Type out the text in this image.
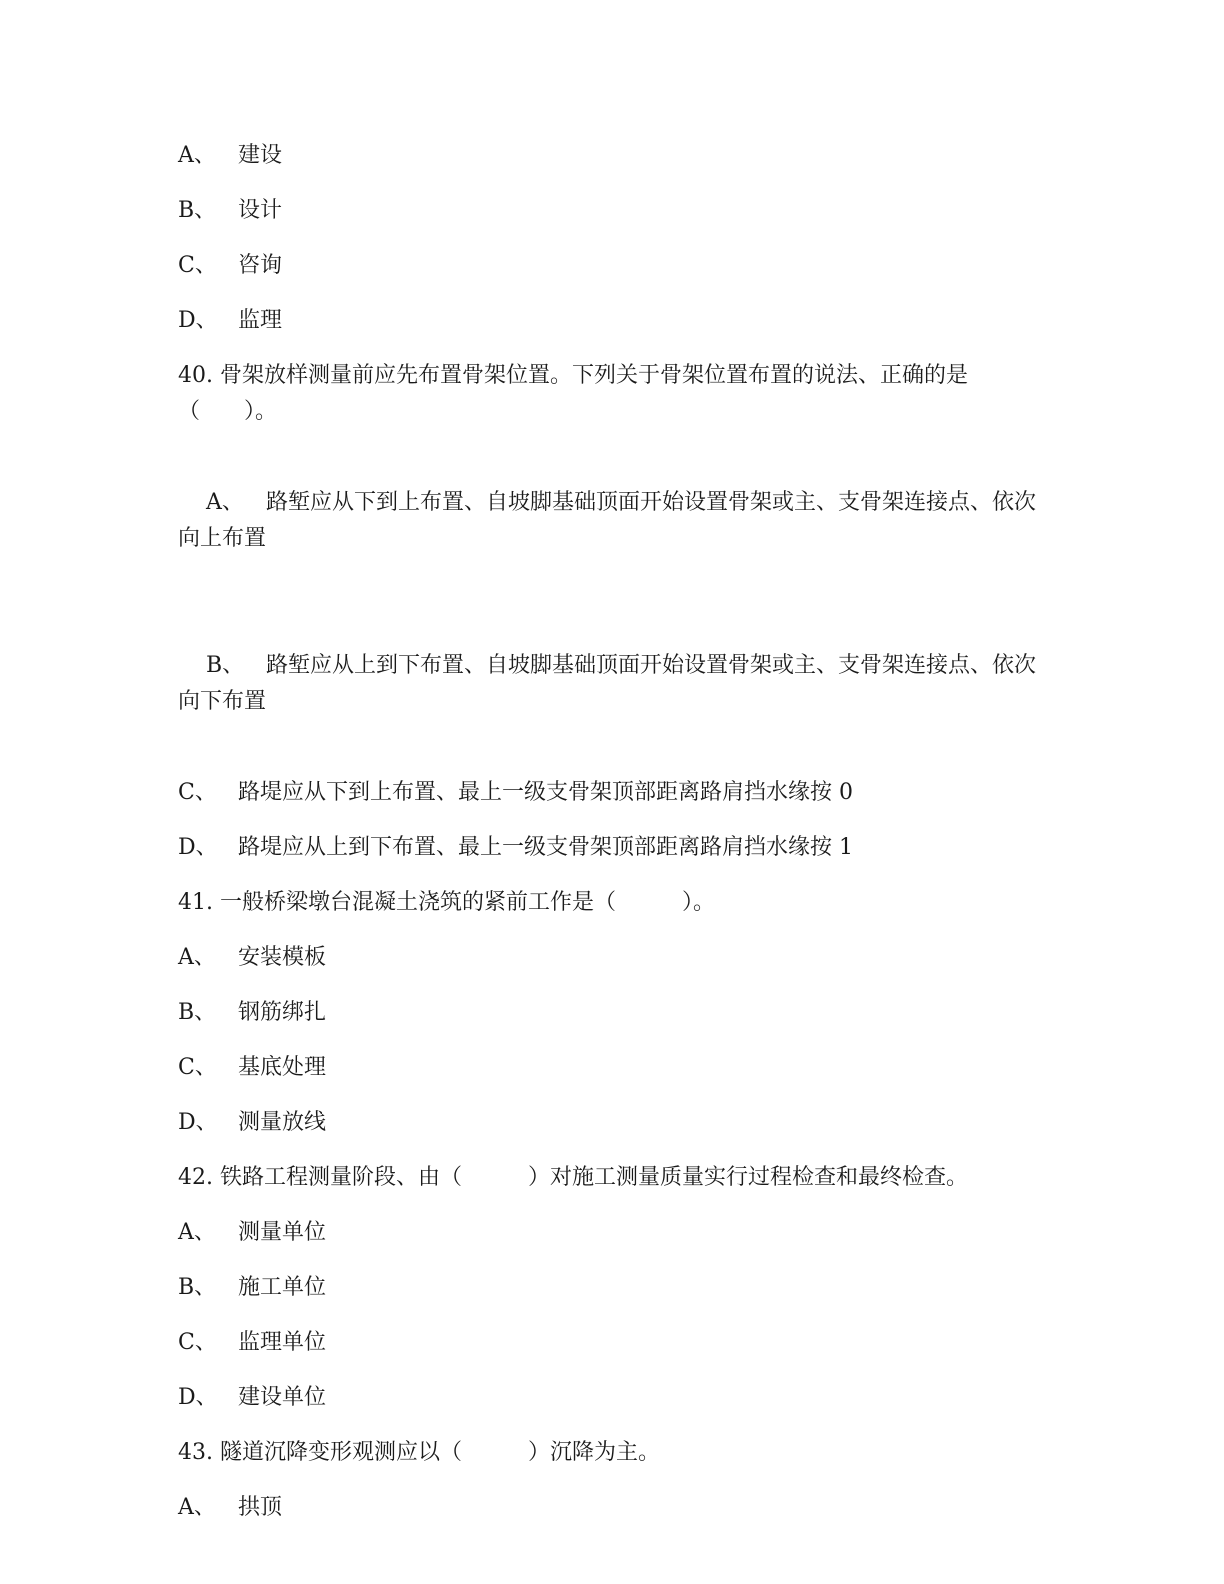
A、	建设
B、 设计
C、 咨询
D、 监理

40. 骨架放样测量前应先布置骨架位置。下列关于骨架位置布置的说法、正确的是（　　）。

A、 路堑应从下到上布置、自坡脚基础顶面开始设置骨架或主、支骨架连接点、依次向上布置

B、 路堑应从上到下布置、自坡脚基础顶面开始设置骨架或主、支骨架连接点、依次向下布置

C、 路堤应从下到上布置、最上一级支骨架顶部距离路肩挡水缘按 0
D、 路堤应从上到下布置、最上一级支骨架顶部距离路肩挡水缘按 1

41. 一般桥梁墩台混凝土浇筑的紧前工作是（　　　）。

A、	安装模板
B、 钢筋绑扎
C、 基底处理
D、 测量放线

42. 铁路工程测量阶段、由（　　　）对施工测量质量实行过程检查和最终检查。

A、	测量单位
B、 施工单位
C、 监理单位
D、 建设单位

43. 隧道沉降变形观测应以（　　　）沉降为主。

A、	拱顶
